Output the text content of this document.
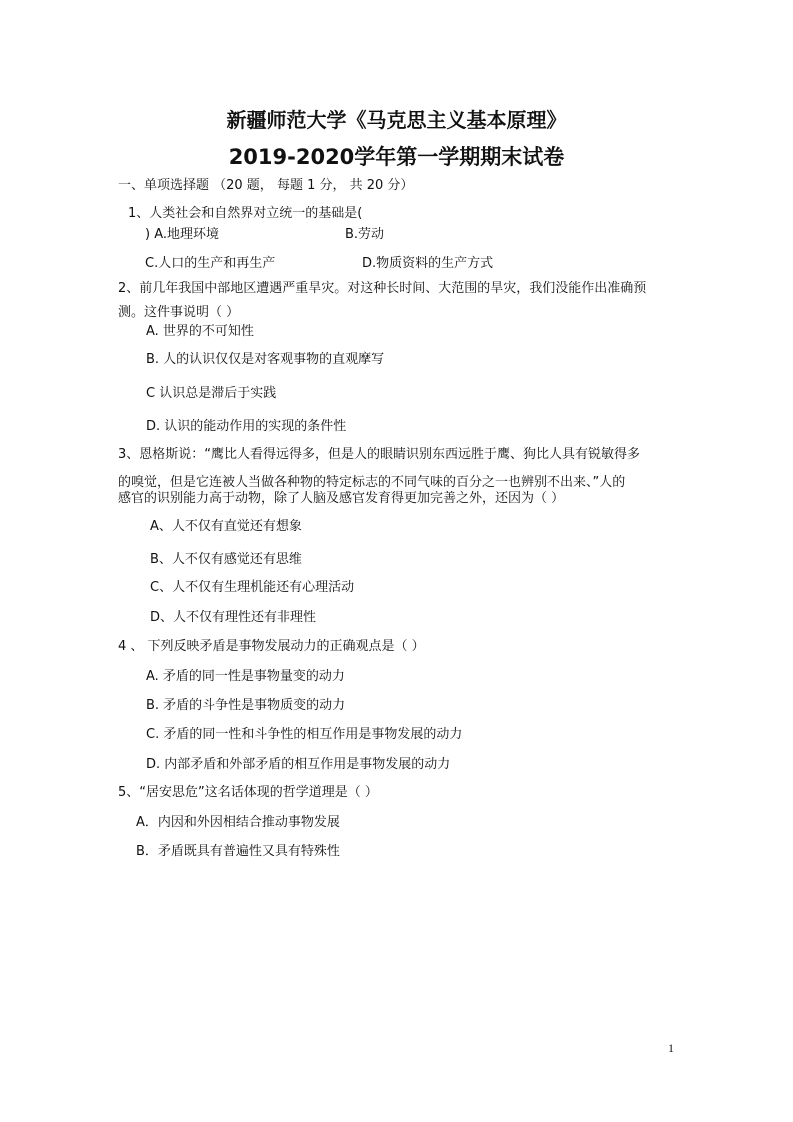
新疆师范大学《马克思主义基本原理》
2019-2020学年第一学期期末试卷
一、单项选择题 （20 题， 每题 1 分， 共 20 分）
1、人类社会和自然界对立统一的基础是(
) A.地理环境	B.劳动
C.人口的生产和再生产	D.物质资料的生产方式
2、前几年我国中部地区遭遇严重旱灾。对这种长时间、大范围的旱灾，我们没能作出准确预
测。这件事说明（ ）
A. 世界的不可知性
B. 人的认识仅仅是对客观事物的直观摩写
C 认识总是滞后于实践
D. 认识的能动作用的实现的条件性
3、恩格斯说：“鹰比人看得远得多，但是人的眼睛识别东西远胜于鹰、狗比人具有锐敏得多
的嗅觉，但是它连被人当做各种物的特定标志的不同气味的百分之一也辨别不出来、”人的
感官的识别能力高于动物，除了人脑及感官发育得更加完善之外，还因为（ ）
A、人不仅有直觉还有想象
B、人不仅有感觉还有思维
C、人不仅有生理机能还有心理活动
D、人不仅有理性还有非理性
4 、 下列反映矛盾是事物发展动力的正确观点是（ ）
A. 矛盾的同一性是事物量变的动力
B. 矛盾的斗争性是事物质变的动力
C. 矛盾的同一性和斗争性的相互作用是事物发展的动力
D. 内部矛盾和外部矛盾的相互作用是事物发展的动力
5、“居安思危”这名话体现的哲学道理是（ ）
A．内因和外因相结合推动事物发展
B．矛盾既具有普遍性又具有特殊性
1
